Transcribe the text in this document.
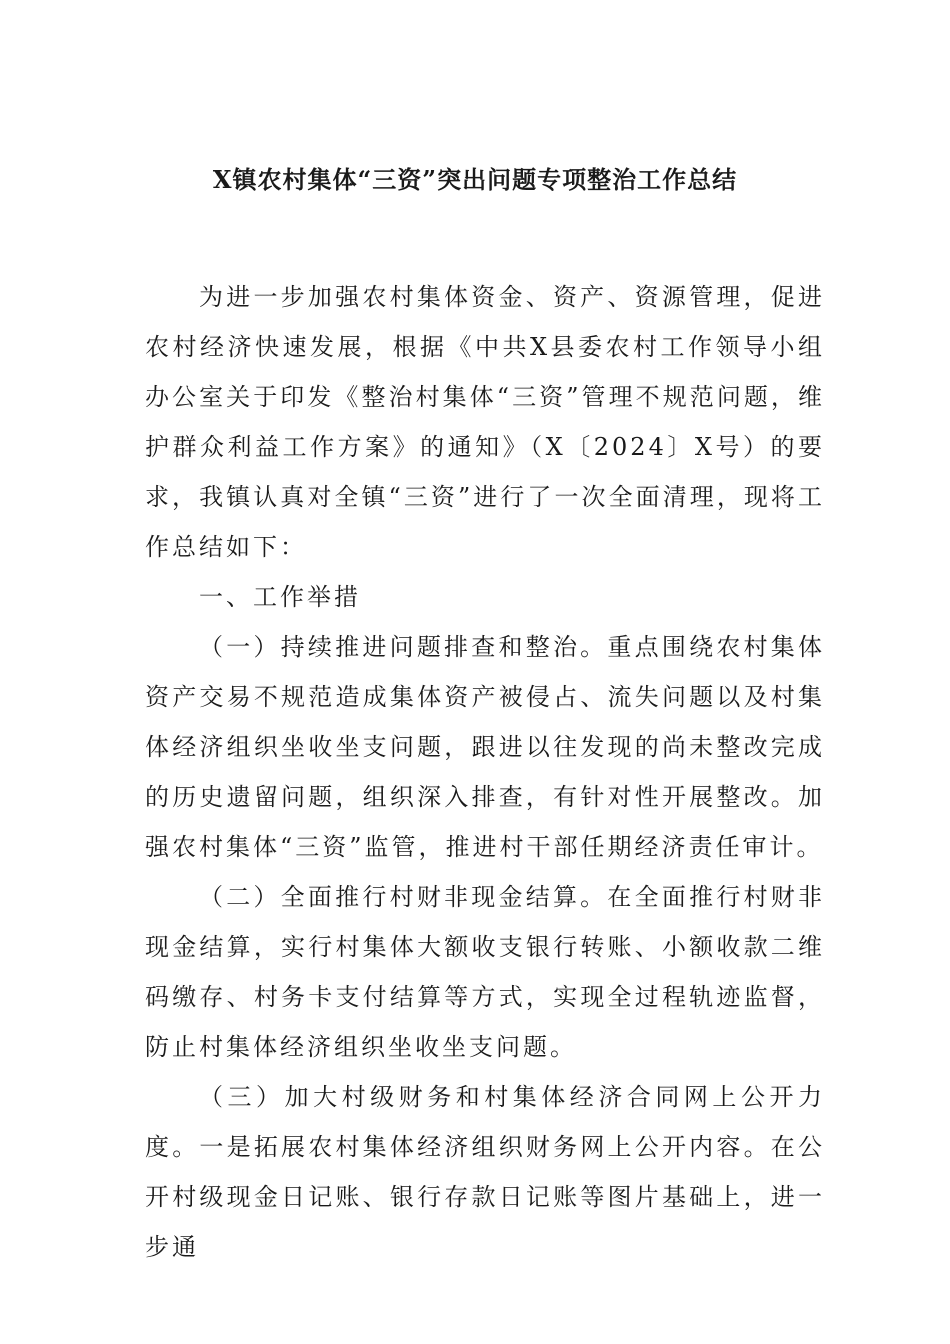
X镇农村集体“三资”突出问题专项整治工作总结

为进一步加强农村集体资金、资产、资源管理，促进农村经济快速发展，根据《中共X县委农村工作领导小组办公室关于印发《整治村集体“三资”管理不规范问题，维护群众利益工作方案》的通知》（X〔2024〕X号）的要求，我镇认真对全镇“三资”进行了一次全面清理，现将工作总结如下：

一、工作举措

（一）持续推进问题排查和整治。重点围绕农村集体资产交易不规范造成集体资产被侵占、流失问题以及村集体经济组织坐收坐支问题，跟进以往发现的尚未整改完成的历史遗留问题，组织深入排查，有针对性开展整改。加强农村集体“三资”监管，推进村干部任期经济责任审计。

（二）全面推行村财非现金结算。在全面推行村财非现金结算，实行村集体大额收支银行转账、小额收款二维码缴存、村务卡支付结算等方式，实现全过程轨迹监督，防止村集体经济组织坐收坐支问题。

（三）加大村级财务和村集体经济合同网上公开力度。一是拓展农村集体经济组织财务网上公开内容。在公开村级现金日记账、银行存款日记账等图片基础上，进一步通
